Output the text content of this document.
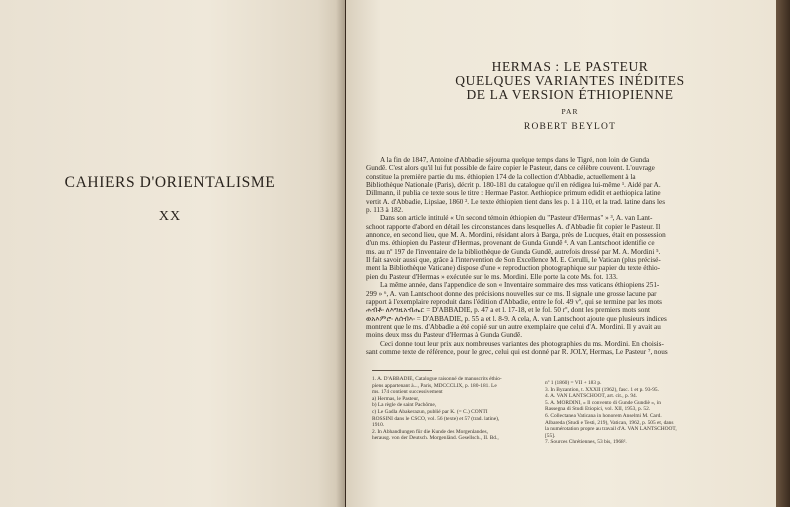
CAHIERS D'ORIENTALISME
XX
HERMAS : LE PASTEUR
QUELQUES VARIANTES INÉDITES
DE LA VERSION ÉTHIOPIENNE
PAR
ROBERT BEYLOT
A la fin de 1847, Antoine d'Abbadie séjourna quelque temps dans le Tigré, non loin de Gunda
Gundê. C'est alors qu'il lui fut possible de faire copier le Pasteur, dans ce célèbre couvent. L'ouvrage
constitue la première partie du ms. éthiopien 174 de la collection d'Abbadie, actuellement à la
Bibliothèque Nationale (Paris), décrit p. 180-181 du catalogue qu'il en rédigea lui-même ¹. Aidé par A.
Dillmann, il publia ce texte sous le titre : Hermae Pastor. Aethiopice primum edidit et aethiopica latine
vertit A. d'Abbadie, Lipsiae, 1860 ². Le texte éthiopien tient dans les p. 1 à 110, et la trad. latine dans les
p. 113 à 182.
Dans son article intitulé « Un second témoin éthiopien du "Pasteur d'Hermas" » ³, A. van Lant-
schoot rapporte d'abord en détail les circonstances dans lesquelles A. d'Abbadie fit copier le Pasteur. Il
annonce, en second lieu, que M. A. Mordini, résidant alors à Barga, près de Lucques, était en possession
d'un ms. éthiopien du Pasteur d'Hermas, provenant de Gunda Gundê ⁴. A van Lantschoot identifie ce
ms. au nº 197 de l'inventaire de la bibliothèque de Gunda Gundê, autrefois dressé par M. A. Mordini ⁵.
Il fait savoir aussi que, grâce à l'intervention de Son Excellence M. E. Cerulli, le Vatican (plus précisé-
ment la Bibliothèque Vaticane) dispose d'une « reproduction photographique sur papier du texte éthio-
pien du Pasteur d'Hermas » exécutée sur le ms. Mordini. Elle porte la cote Ms. fot. 133.
La même année, dans l'appendice de son « Inventaire sommaire des mss vaticans éthiopiens 251-
299 » ⁶, A. van Lantschoot donne des précisions nouvelles sur ce ms. Il signale une grosse lacune par
rapport à l'exemplaire reproduit dans l'édition d'Abbadie, entre le fol. 49 vº, qui se termine par les mots
ሐብቶ፡ ለእግዚአብሔር = D'ABBADIE, p. 47 a et l. 17-18, et le fol. 50 rº, dont les premiers mots sont
ወአእምሮ፡ ለሰብእ፡ = D'ABBADIE, p. 55 a et l. 8-9. A cela, A. van Lantschoot ajoute que plusieurs indices
montrent que le ms. d'Abbadie a été copié sur un autre exemplaire que celui d'A. Mordini. Il y avait au
moins deux mss du Pasteur d'Hermas à Gunda Gundê.
Ceci donne tout leur prix aux nombreuses variantes des photographies du ms. Mordini. En choisis-
sant comme texte de référence, pour le grec, celui qui est donné par R. JOLY, Hermas, Le Pasteur ⁷, nous
1. A. D'ABBADIE, Catalogue raisonné de manuscrits éthio-
piens appartenant à..., Paris, MDCCCLIX, p. 180-181. Le
ms. 174 contient successivement
a) Hermas, le Pasteur,
b) La règle de saint Pachôme,
c) Le Gadla Abakerazun, publié par K. (= C.) CONTI
ROSSINI dans le CSCO, vol. 56 (texte) et 57 (trad. latine),
1910.
2. In Abhandlungen für die Kunde des Morgenlandes,
herausg. von der Deutsch. Morgenländ. Gesellsch., II. Bd.,
nº 1 (1860) = VII + 183 p.
3. In Byzantion, t. XXXII (1962), fasc. 1 et p. 93-95.
4. A. VAN LANTSCHOOT, art. cit., p. 94.
5. A. MORDINI, « Il convento di Gunde Gundiè », in
Rassegna di Studi Etiopici, vol. XII, 1953, p. 52.
6. Collectanea Vaticana in honorem Anselmi M. Card.
Albareda (Studi e Testi, 219), Vatican, 1962, p. 505 et, dans
la numérotation propre au travail d'A. VAN LANTSCHOOT,
[55].
7. Sources Chrétiennes, 53 bis, 1968².
